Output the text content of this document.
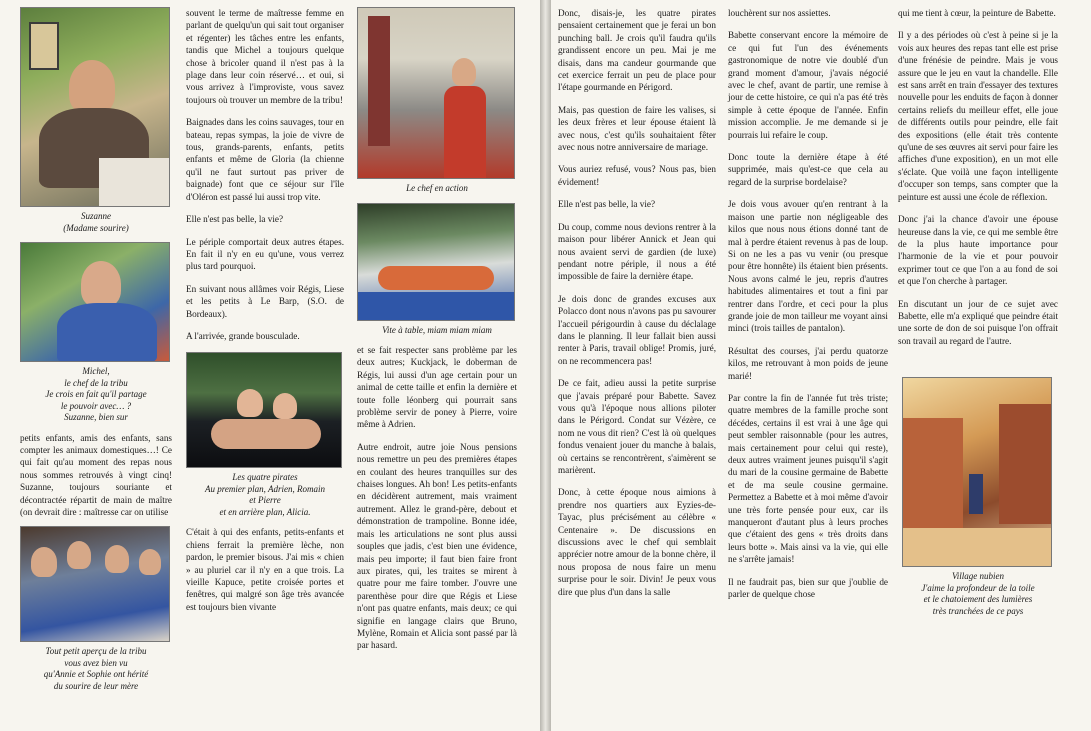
Suzanne
(Madame sourire)
Michel,
le chef de la tribu
Je crois en fait qu'il partage
le pouvoir avec… ?
Suzanne, bien sur

petits enfants, amis des enfants, sans compter les animaux domestiques…! Ce qui fait qu'au moment des repas nous nous sommes retrouvés à vingt cinq! Suzanne, toujours souriante et décontractée répartit de main de maître (on devrait dire : maîtresse car on utilise

Tout petit aperçu de la tribu
vous avez bien vu
qu'Annie et Sophie ont hérité
du sourire de leur mère

souvent le terme de maîtresse femme en parlant de quelqu'un qui sait tout organiser et régenter) les tâches entre les enfants, tandis que Michel a toujours quelque chose à bricoler quand il n'est pas à la plage dans leur coin réservé… et oui, si vous arrivez à l'improviste, vous savez toujours où trouver un membre de la tribu!

Baignades dans les coins sauvages, tour en bateau, repas sympas, la joie de vivre de tous, grands-parents, enfants, petits enfants et même de Gloria (la chienne qu'il ne faut surtout pas priver de baignade) font que ce séjour sur l'île d'Oléron est passé lui aussi trop vite.

Elle n'est pas belle, la vie?

Le périple comportait deux autres étapes. En fait il n'y en eu qu'une, vous verrez plus tard pourquoi.

En suivant nous allâmes voir Régis, Liese et les petits à Le Barp, (S.O. de Bordeaux).

A l'arrivée, grande bousculade.

Les quatre pirates
Au premier plan, Adrien, Romain
et Pierre
et en arrière plan, Alicia.

C'était à qui des enfants, petits-enfants et chiens ferrait la première lèche, non pardon, le premier bisous. J'ai mis « chien » au pluriel car il n'y en a que trois. La vieille Kapuce, petite croisée portes et fenêtres, qui malgré son âge très avancée est toujours bien vivante

Le chef en action
Vite à table, miam miam miam

et se fait respecter sans problème par les deux autres; Kuckjack, le doberman de Régis, lui aussi d'un age certain pour un animal de cette taille et enfin la dernière et toute folle léonberg qui pourrait sans problème servir de poney à Pierre, voire même à Adrien.

Autre endroit, autre joie Nous pensions nous remettre un peu des premières étapes en coulant des heures tranquilles sur des chaises longues. Ah bon! Les petits-enfants en décidèrent autrement, mais vraiment autrement. Allez le grand-père, debout et démonstration de trampoline. Bonne idée, mais les articulations ne sont plus aussi souples que jadis, c'est bien une évidence, mais peu importe; il faut bien faire front aux pirates, qui, les traites se mirent à quatre pour me faire tomber. J'ouvre une parenthèse pour dire que Régis et Liese n'ont pas quatre enfants, mais deux; ce qui signifie en langage clairs que Bruno, Mylène, Romain et Alicia sont passé par là par hasard.

Donc, disais-je, les quatre pirates pensaient certainement que je ferai un bon punching ball. Je crois qu'il faudra qu'ils grandissent encore un peu. Mai je me disais, dans ma candeur gourmande que cet exercice ferrait un peu de place pour l'étape gourmande en Périgord.

Mais, pas question de faire les valises, si les deux frères et leur épouse étaient là avec nous, c'est qu'ils souhaitaient fêter avec nous notre anniversaire de mariage.

Vous auriez refusé, vous? Nous pas, bien évidement!

Elle n'est pas belle, la vie?

Du coup, comme nous devions rentrer à la maison pour libérer Annick et Jean qui nous avaient servi de gardien (de luxe) pendant notre périple, il nous a été impossible de faire la dernière étape.

Je dois donc de grandes excuses aux Polacco dont nous n'avons pas pu savourer l'accueil périgourdin à cause du déclalage dans le planning. Il leur fallait bien aussi renter à Paris, travail oblige! Promis, juré, on ne recommencera pas!

De ce fait, adieu aussi la petite surprise que j'avais préparé pour Babette. Savez vous qu'à l'époque nous allions piloter dans le Périgord. Condat sur Vézère, ce nom ne vous dit rien? C'est là où quelques fondus venaient jouer du manche à balais, où certains se rencontrèrent, s'aimèrent se marièrent.

Donc, à cette époque nous aimions à prendre nos quartiers aux Eyzies-de-Tayac, plus précisément au célèbre « Centenaire ». De discussions en discussions avec le chef qui semblait apprécier notre amour de la bonne chère, il nous proposa de nous faire un menu surprise pour le soir. Divin! Je peux vous dire que plus d'un dans la salle

louchèrent sur nos assiettes.

Babette conservant encore la mémoire de ce qui fut l'un des événements gastronomique de notre vie doublé d'un grand moment d'amour, j'avais négocié avec le chef, avant de partir, une remise à jour de cette histoire, ce qui n'a pas été très simple à cette époque de l'année. Enfin mission accomplie. Je me demande si je pourrais lui refaire le coup.

Donc toute la dernière étape à été supprimée, mais qu'est-ce que cela au regard de la surprise bordelaise?

Je dois vous avouer qu'en rentrant à la maison une partie non négligeable des kilos que nous nous étions donné tant de mal à perdre étaient revenus à pas de loup. Si on ne les a pas vu venir (ou presque pour être honnête) ils étaient bien présents. Nous avons calmé le jeu, repris d'autres habitudes alimentaires et tout a fini par rentrer dans l'ordre, et ceci pour la plus grande joie de mon tailleur me voyant ainsi minci (trois tailles de pantalon).

Résultat des courses, j'ai perdu quatorze kilos, me retrouvant à mon poids de jeune marié!

Par contre la fin de l'année fut très triste; quatre membres de la famille proche sont décédes, certains il est vrai à une âge qui peut sembler raisonnable (pour les autres, mais certainement pour celui qui reste), deux autres vraiment jeunes puisqu'il s'agit du mari de la cousine germaine de Babette et de ma seule cousine germaine. Permettez a Babette et à moi même d'avoir une très forte pensée pour eux, car ils manqueront d'autant plus à leurs proches que c'étaient des gens « très droits dans leurs botte ». Mais ainsi va la vie, qui elle ne s'arrête jamais!

Il ne faudrait pas, bien sur que j'oublie de parler de quelque chose

qui me tient à cœur, la peinture de Babette.

Il y a des périodes où c'est à peine si je la vois aux heures des repas tant elle est prise d'une frénésie de peindre. Mais je vous assure que le jeu en vaut la chandelle. Elle est sans arrêt en train d'essayer des textures nouvelle pour les enduits de façon à donner certains reliefs du meilleur effet, elle joue de différents outils pour peindre, elle fait des expositions (elle était très contente qu'une de ses œuvres ait servi pour faire les affiches d'une exposition), en un mot elle s'éclate. Que voilà une façon intelligente d'occuper son temps, sans compter que la peinture est aussi une école de réflexion.

Donc j'ai la chance d'avoir une épouse heureuse dans la vie, ce qui me semble être de la plus haute importance pour l'harmonie de la vie et pour pouvoir exprimer tout ce que l'on a au fond de soi et que l'on cherche à partager.

En discutant un jour de ce sujet avec Babette, elle m'a expliqué que peindre était une sorte de don de soi puisque l'on offrait son travail au regard de l'autre.

Village nubien
J'aime la profondeur de la toile
et le chatoiement des lumières
très tranchées de ce pays
